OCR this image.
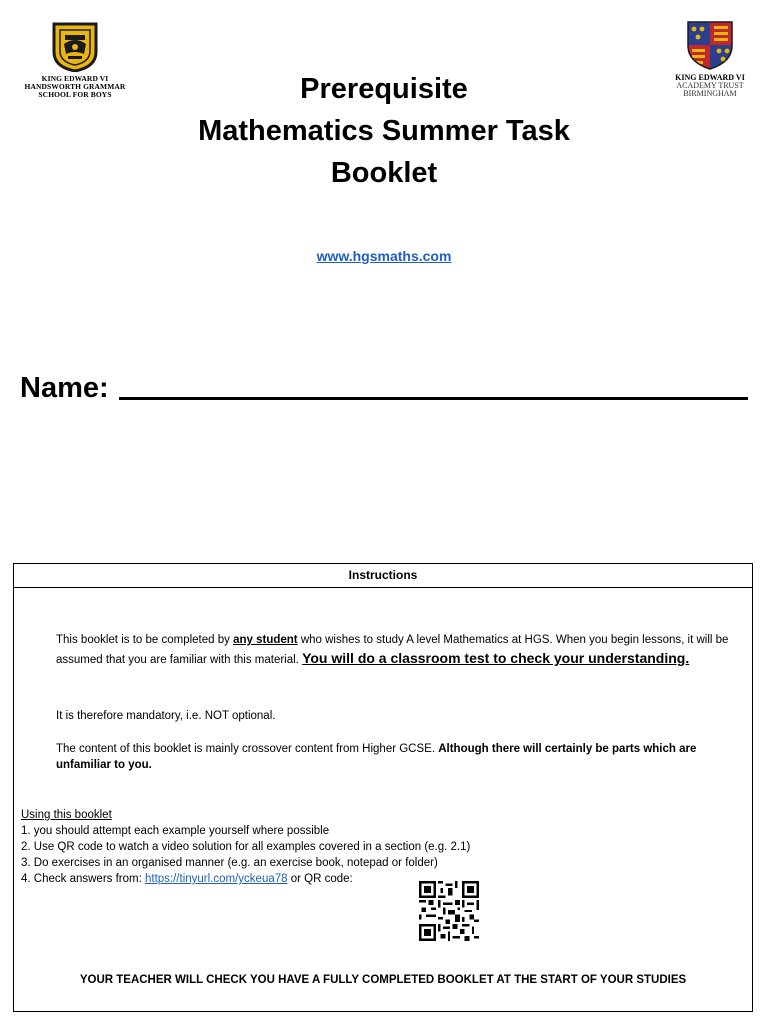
KING EDWARD VI
HANDSWORTH GRAMMAR
SCHOOL FOR BOYS
KING EDWARD VI
ACADEMY TRUST
BIRMINGHAM
Prerequisite
Mathematics Summer Task
Booklet
www.hgsmaths.com
Name:
Instructions
This booklet is to be completed by any student who wishes to study A level Mathematics at HGS. When you begin lessons, it will be assumed that you are familiar with this material. You will do a classroom test to check your understanding.
It is therefore mandatory, i.e. NOT optional.
The content of this booklet is mainly crossover content from Higher GCSE. Although there will certainly be parts which are unfamiliar to you.
Using this booklet
1. you should attempt each example yourself where possible
2. Use QR code to watch a video solution for all examples covered in a section (e.g. 2.1)
3. Do exercises in an organised manner (e.g. an exercise book, notepad or folder)
4. Check answers from: https://tinyurl.com/yckeua78 or QR code:
YOUR TEACHER WILL CHECK YOU HAVE A FULLY COMPLETED BOOKLET AT THE START OF YOUR STUDIES
